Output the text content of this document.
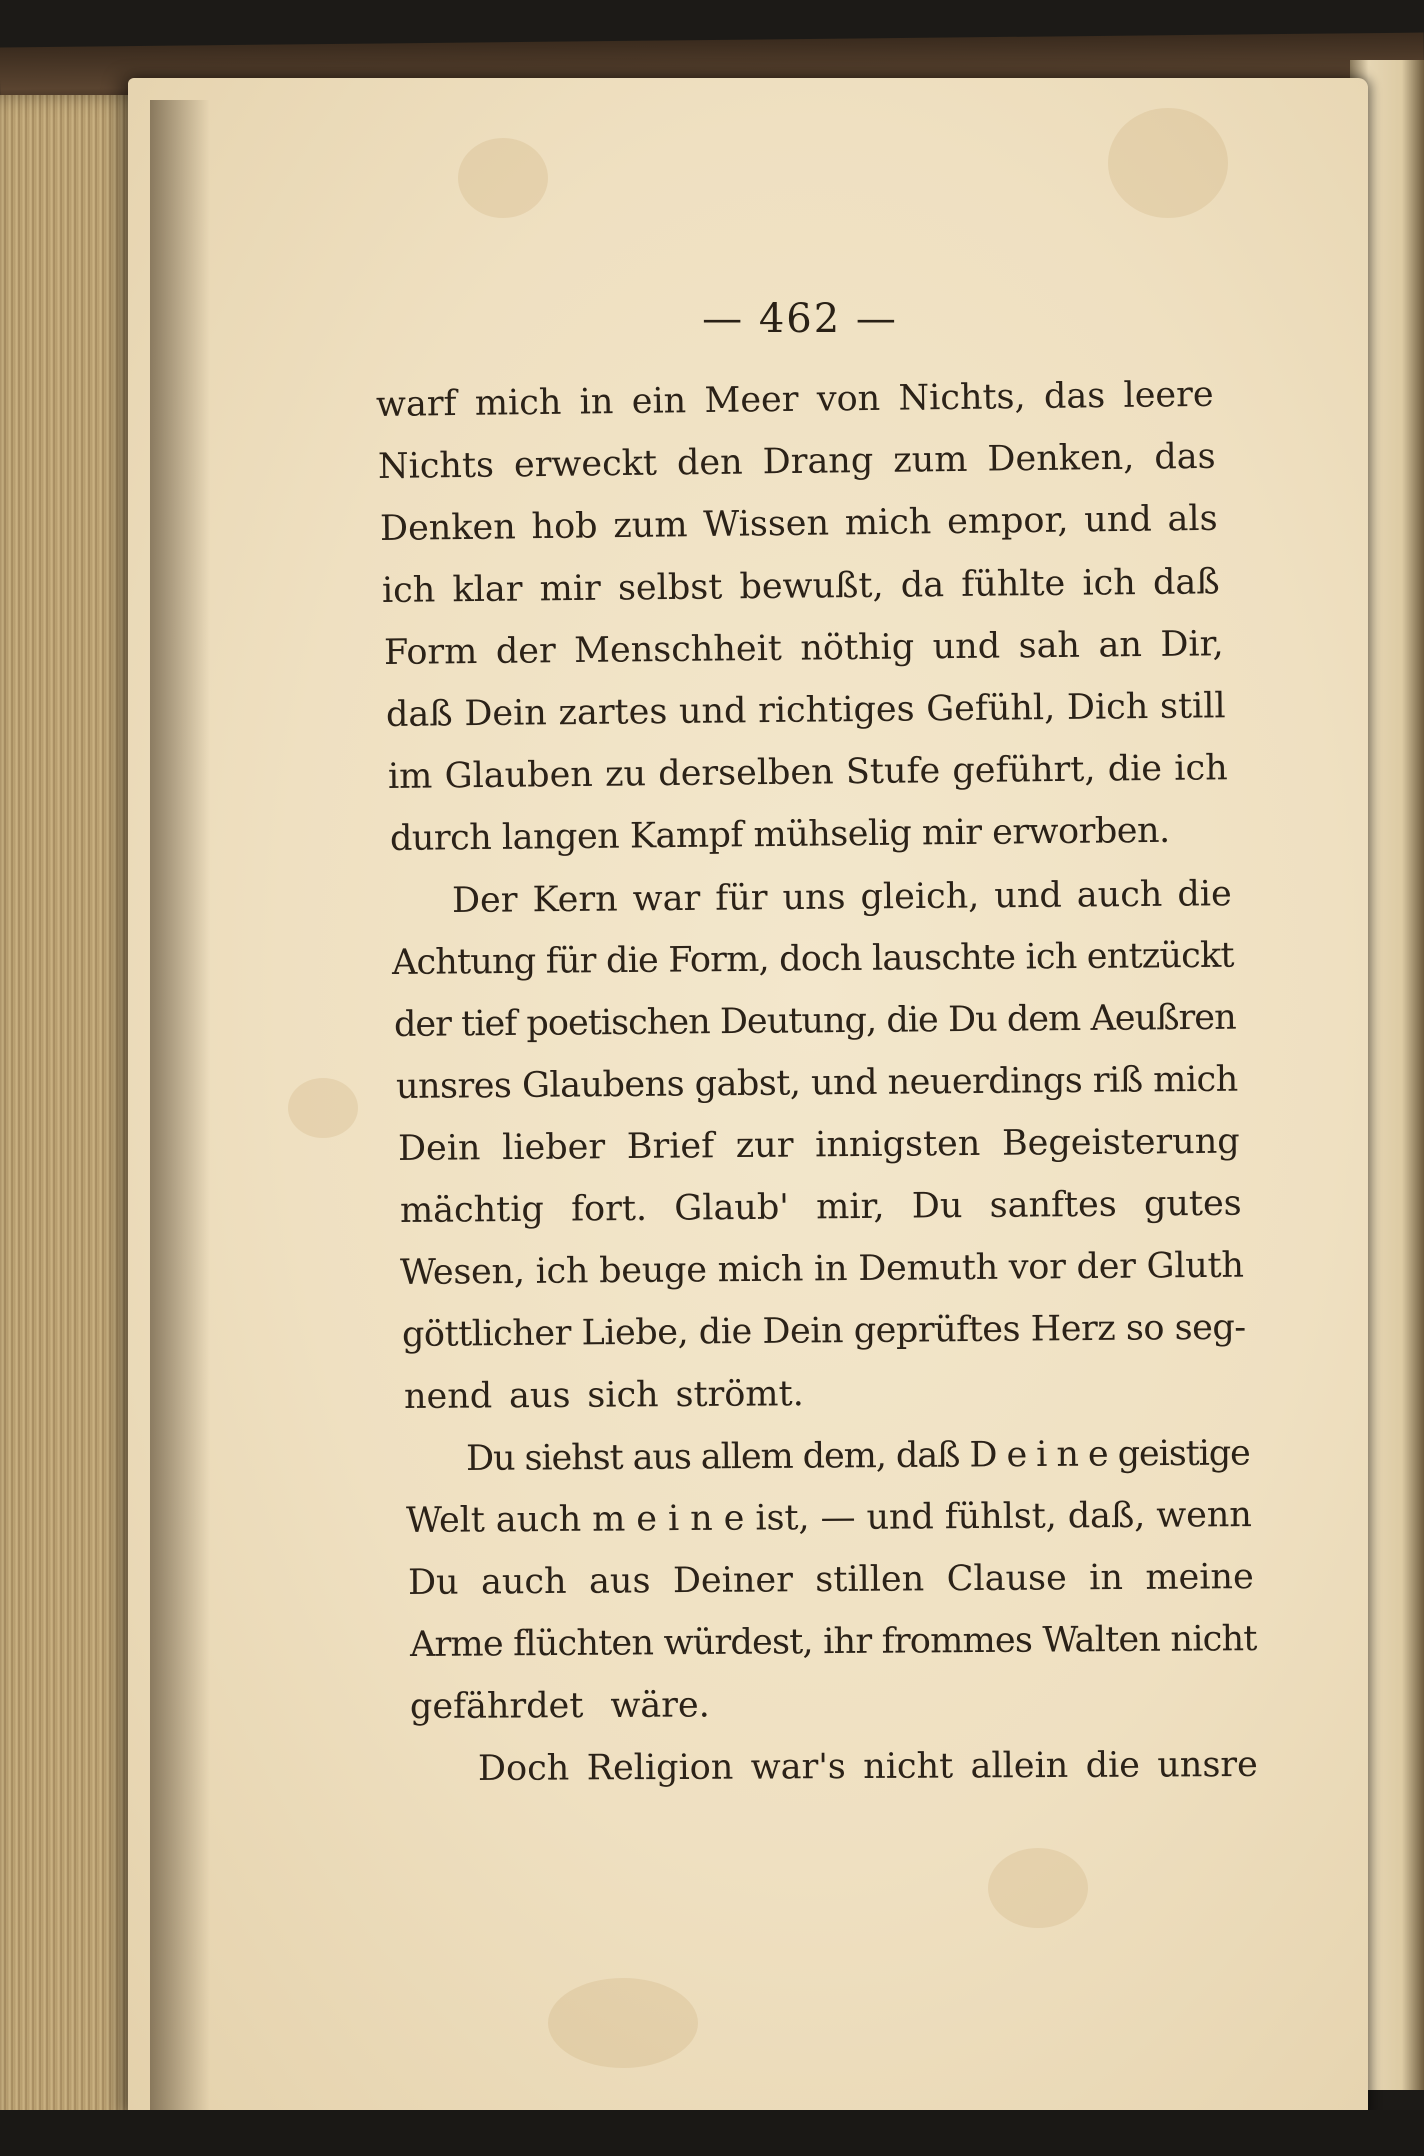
— 462 —
warf mich in ein Meer von Nichts, das leere
Nichts erweckt den Drang zum Denken, das
Denken hob zum Wissen mich empor, und als
ich klar mir selbst bewußt, da fühlte ich daß
Form der Menschheit nöthig und sah an Dir,
daß Dein zartes und richtiges Gefühl, Dich still
im Glauben zu derselben Stufe geführt, die ich
durch langen Kampf mühselig mir erworben.
Der Kern war für uns gleich, und auch die
Achtung für die Form, doch lauschte ich entzückt
der tief poetischen Deutung, die Du dem Aeußren
unsres Glaubens gabst, und neuerdings riß mich
Dein lieber Brief zur innigsten Begeisterung
mächtig fort. Glaub' mir, Du sanftes gutes
Wesen, ich beuge mich in Demuth vor der Gluth
göttlicher Liebe, die Dein geprüftes Herz so seg-
nend aus sich strömt.
Du siehst aus allem dem, daß D e i n e geistige
Welt auch m e i n e ist, — und fühlst, daß, wenn
Du auch aus Deiner stillen Clause in meine
Arme flüchten würdest, ihr frommes Walten nicht
gefährdet wäre.
Doch Religion war's nicht allein die unsre
